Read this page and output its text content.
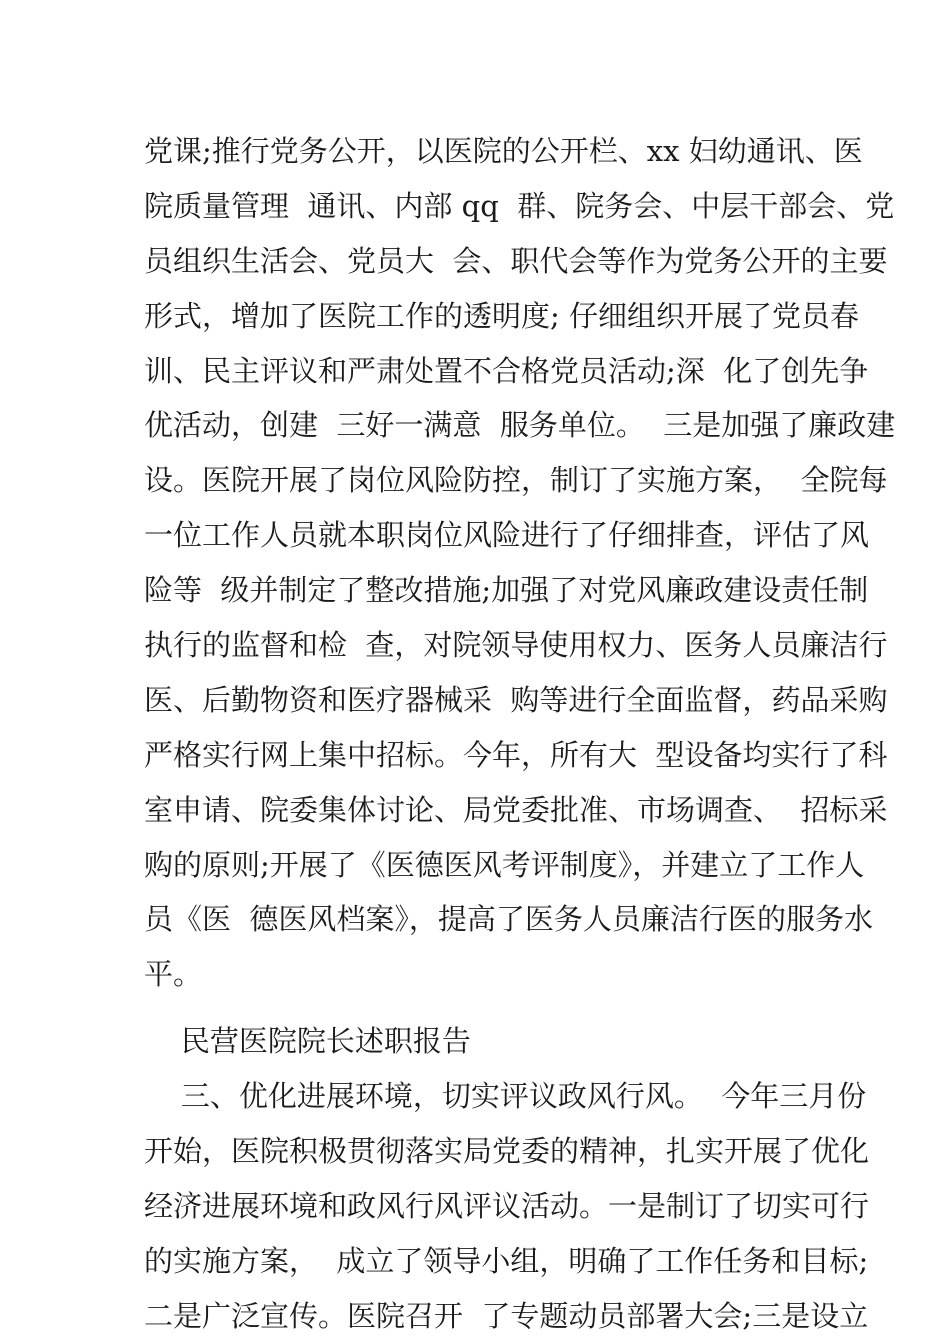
党课;推行党务公开，以医院的公开栏、xx 妇幼通讯、医
院质量管理  通讯、内部 qq  群、院务会、中层干部会、党
员组织生活会、党员大  会、职代会等作为党务公开的主要
形式，增加了医院工作的透明度; 仔细组织开展了党员春
训、民主评议和严肃处置不合格党员活动;深  化了创先争
优活动，创建  三好一满意  服务单位。  三是加强了廉政建
设。医院开展了岗位风险防控，制订了实施方案，  全院每
一位工作人员就本职岗位风险进行了仔细排查，评估了风
险等  级并制定了整改措施;加强了对党风廉政建设责任制
执行的监督和检  查，对院领导使用权力、医务人员廉洁行
医、后勤物资和医疗器械采  购等进行全面监督，药品采购
严格实行网上集中招标。今年，所有大  型设备均实行了科
室申请、院委集体讨论、局党委批准、市场调查、  招标采
购的原则;开展了《医德医风考评制度》，并建立了工作人
员《医  德医风档案》，提高了医务人员廉洁行医的服务水
平。
民营医院院长述职报告
三、优化进展环境，切实评议政风行风。  今年三月份
开始，医院积极贯彻落实局党委的精神，扎实开展了优化
经济进展环境和政风行风评议活动。一是制订了切实可行
的实施方案，  成立了领导小组，明确了工作任务和目标;
二是广泛宣传。医院召开  了专题动员部署大会;三是设立
